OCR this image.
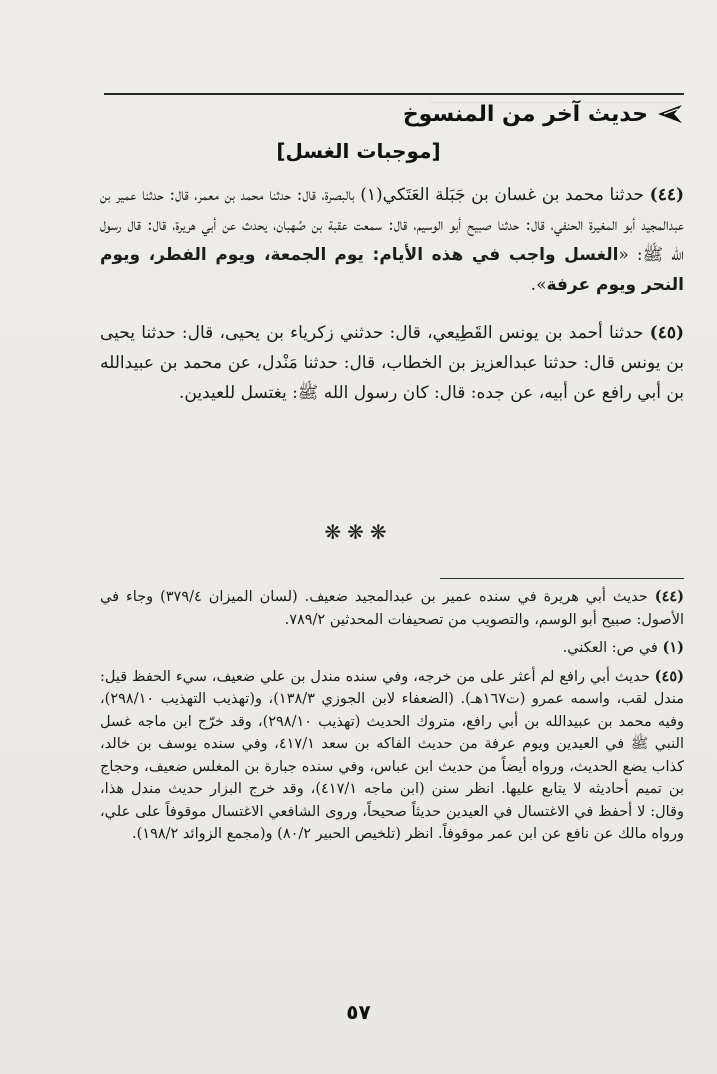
حديث آخر من المنسوخ
[موجبات الغسل]

(٤٤) حدثنا محمد بن غسان بن جَبَلة العَتَكي(١) بالبصرة، قال: حدثنا محمد بن معمر، قال: حدثنا عمير بن عبدالمجيد أبو المغيرة الحنفي، قال: حدثنا صبيح أبو الوسيم، قال: سمعت عقبة بن صُهبان، يحدث عن أبي هريرة، قال: قال رسول الله ﷺ: «الغسل واجب في هذه الأيام: يوم الجمعة، ويوم الفطر، ويوم النحر ويوم عرفة».

(٤٥) حدثنا أحمد بن يونس القَطِيعي، قال: حدثني زكرياء بن يحيى، قال: حدثنا يحيى بن يونس قال: حدثنا عبدالعزيز بن الخطاب، قال: حدثنا مَنْدل، عن محمد بن عبيدالله بن أبي رافع عن أبيه، عن جده: قال: كان رسول الله ﷺ: يغتسل للعيدين.

❋❋❋

(٤٤) حديث أبي هريرة في سنده عمير بن عبدالمجيد ضعيف. (لسان الميزان ٣٧٩/٤) وجاء في الأصول: صبيح أبو الوسم، والتصويب من تصحيفات المحدثين ٧٨٩/٢.

(١) في ص: العكني.

(٤٥) حديث أبي رافع لم أعثر على من خرجه، وفي سنده مندل بن علي ضعيف، سيء الحفظ قيل: مندل لقب، واسمه عمرو (ت١٦٧هـ). (الضعفاء لابن الجوزي ١٣٨/٣)، و(تهذيب التهذيب ٢٩٨/١٠)، وفيه محمد بن عبيدالله بن أبي رافع، متروك الحديث (تهذيب ٢٩٨/١٠)، وقد خرّج ابن ماجه غسل النبي ﷺ في العيدين ويوم عرفة من حديث الفاكه بن سعد ٤١٧/١، وفي سنده يوسف بن خالد، كذاب يضع الحديث، ورواه أيضاً من حديث ابن عباس، وفي سنده جبارة بن المغلس ضعيف، وحجاج بن تميم أحاديثه لا يتابع عليها. انظر سنن (ابن ماجه ٤١٧/١)، وقد خرج البزار حديث مندل هذا، وقال: لا أحفظ في الاغتسال في العيدين حديثاً صحيحاً، وروى الشافعي الاغتسال موقوفاً على علي، ورواه مالك عن نافع عن ابن عمر موقوفاً. انظر (تلخيص الحبير ٨٠/٢) و(مجمع الزوائد ١٩٨/٢).

٥٧
